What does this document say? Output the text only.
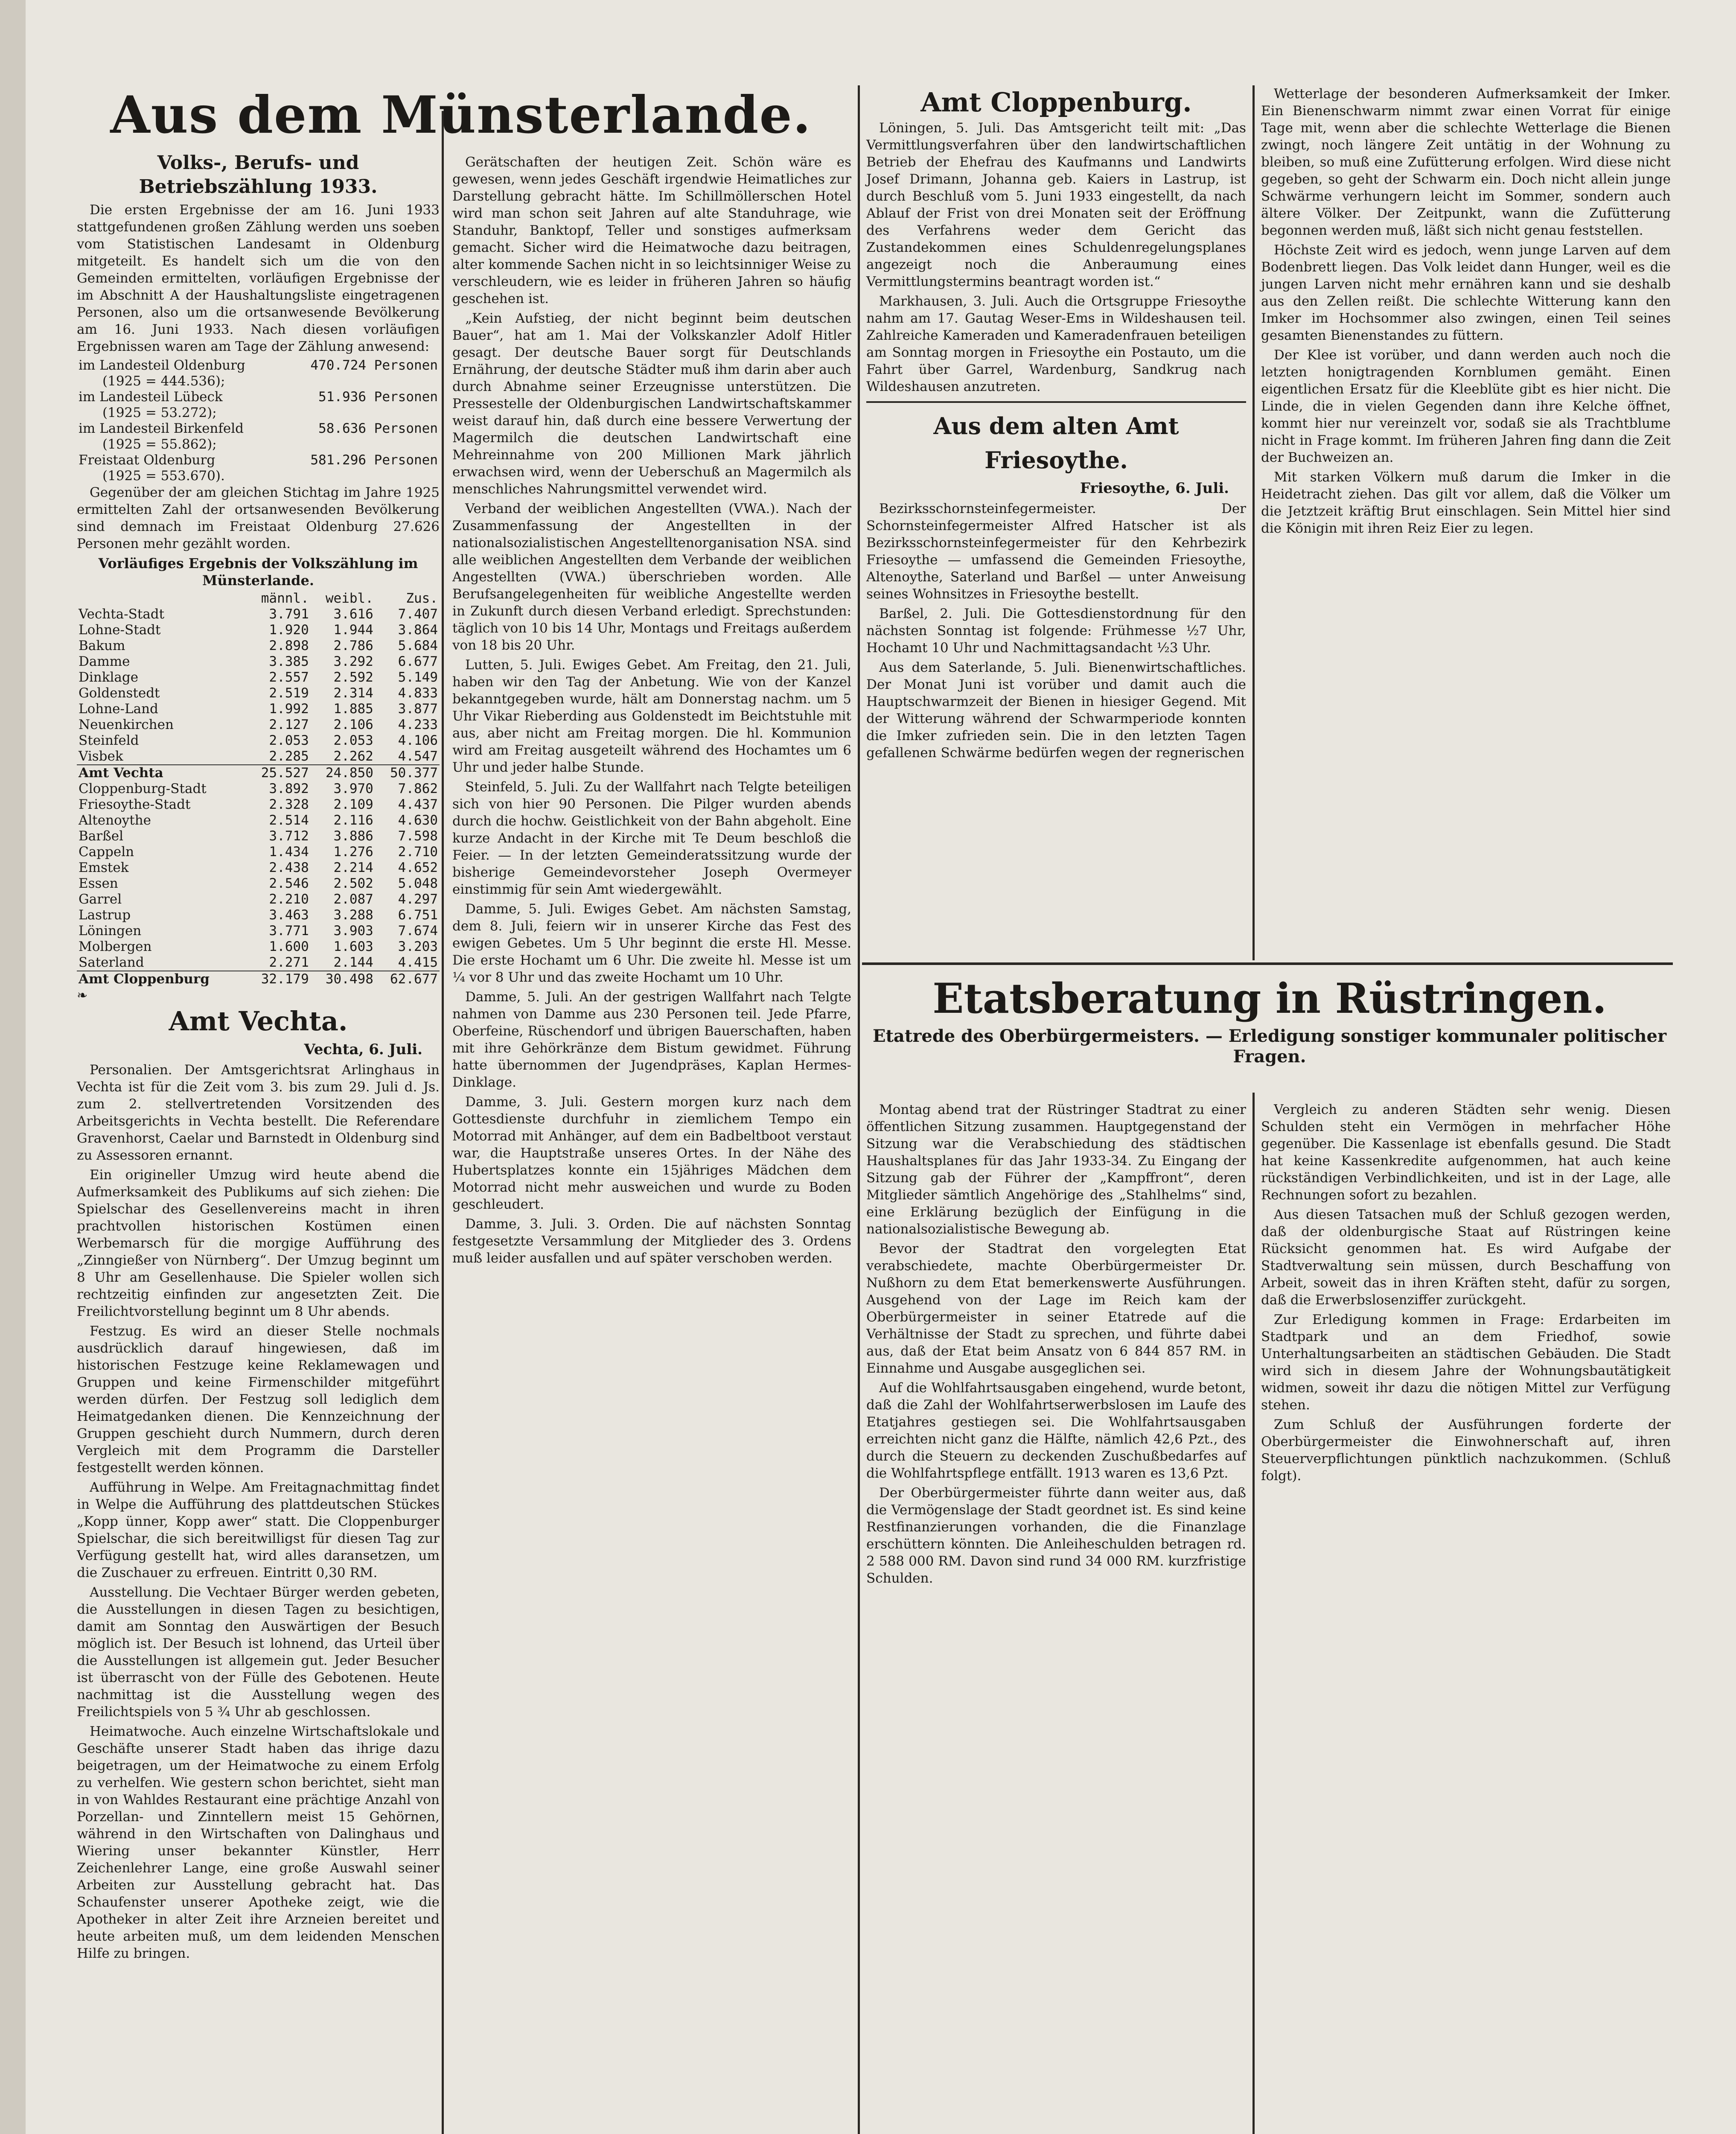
Aus dem Münsterlande.
Volks-, Berufs- und Betriebszählung 1933.

Die ersten Ergebnisse der am 16. Juni 1933 stattgefundenen großen Zählung werden uns soeben vom Statistischen Landesamt in Oldenburg mitgeteilt. Es handelt sich um die von den Gemeinden ermittelten, vorläufigen Ergebnisse der im Abschnitt A der Haushaltungsliste eingetragenen Personen, also um die ortsanwesende Bevölkerung am 16. Juni 1933. Nach diesen vorläufigen Ergebnissen waren am Tage der Zählung anwesend:

im Landesteil Oldenburg	470.724 Personen
(1925 = 444.536);	
im Landesteil Lübeck	51.936 Personen
(1925 = 53.272);	
im Landesteil Birkenfeld	58.636 Personen
(1925 = 55.862);	
Freistaat Oldenburg	581.296 Personen
(1925 = 553.670).	

Gegenüber der am gleichen Stichtag im Jahre 1925 ermittelten Zahl der ortsanwesenden Bevölkerung sind demnach im Freistaat Oldenburg 27.626 Personen mehr gezählt worden.

Vorläufiges Ergebnis der Volkszählung im Münsterlande.
	männl.	weibl.	Zus.
Vechta-Stadt	3.791	3.616	7.407
Lohne-Stadt	1.920	1.944	3.864
Bakum	2.898	2.786	5.684
Damme	3.385	3.292	6.677
Dinklage	2.557	2.592	5.149
Goldenstedt	2.519	2.314	4.833
Lohne-Land	1.992	1.885	3.877
Neuenkirchen	2.127	2.106	4.233
Steinfeld	2.053	2.053	4.106
Visbek	2.285	2.262	4.547
Amt Vechta	25.527	24.850	50.377
Cloppenburg-Stadt	3.892	3.970	7.862
Friesoythe-Stadt	2.328	2.109	4.437
Altenoythe	2.514	2.116	4.630
Barßel	3.712	3.886	7.598
Cappeln	1.434	1.276	2.710
Emstek	2.438	2.214	4.652
Essen	2.546	2.502	5.048
Garrel	2.210	2.087	4.297
Lastrup	3.463	3.288	6.751
Löningen	3.771	3.903	7.674
Molbergen	1.600	1.603	3.203
Saterland	2.271	2.144	4.415
Amt Cloppenburg	32.179	30.498	62.677
❧
Amt Vechta.
Vechta, 6. Juli.

Personalien. Der Amtsgerichtsrat Arlinghaus in Vechta ist für die Zeit vom 3. bis zum 29. Juli d. Js. zum 2. stellvertretenden Vorsitzenden des Arbeitsgerichts in Vechta bestellt. Die Referendare Gravenhorst, Caelar und Barnstedt in Oldenburg sind zu Assessoren ernannt.

Ein origineller Umzug wird heute abend die Aufmerksamkeit des Publikums auf sich ziehen: Die Spielschar des Gesellenvereins macht in ihren prachtvollen historischen Kostümen einen Werbemarsch für die morgige Aufführung des „Zinngießer von Nürnberg“. Der Umzug beginnt um 8 Uhr am Gesellenhause. Die Spieler wollen sich rechtzeitig einfinden zur angesetzten Zeit. Die Freilichtvorstellung beginnt um 8 Uhr abends.

Festzug. Es wird an dieser Stelle nochmals ausdrücklich darauf hingewiesen, daß im historischen Festzuge keine Reklamewagen und Gruppen und keine Firmenschilder mitgeführt werden dürfen. Der Festzug soll lediglich dem Heimatgedanken dienen. Die Kennzeichnung der Gruppen geschieht durch Nummern, durch deren Vergleich mit dem Programm die Darsteller festgestellt werden können.

Aufführung in Welpe. Am Freitagnachmittag findet in Welpe die Aufführung des plattdeutschen Stückes „Kopp ünner, Kopp awer“ statt. Die Cloppenburger Spielschar, die sich bereitwilligst für diesen Tag zur Verfügung gestellt hat, wird alles daransetzen, um die Zuschauer zu erfreuen. Eintritt 0,30 RM.

Ausstellung. Die Vechtaer Bürger werden gebeten, die Ausstellungen in diesen Tagen zu besichtigen, damit am Sonntag den Auswärtigen der Besuch möglich ist. Der Besuch ist lohnend, das Urteil über die Ausstellungen ist allgemein gut. Jeder Besucher ist überrascht von der Fülle des Gebotenen. Heute nachmittag ist die Ausstellung wegen des Freilichtspiels von 5 ¾ Uhr ab geschlossen.

Heimatwoche. Auch einzelne Wirtschaftslokale und Geschäfte unserer Stadt haben das ihrige dazu beigetragen, um der Heimatwoche zu einem Erfolg zu verhelfen. Wie gestern schon berichtet, sieht man in von Wahldes Restaurant eine prächtige Anzahl von Porzellan- und Zinntellern meist 15 Gehörnen, während in den Wirtschaften von Dalinghaus und Wiering unser bekannter Künstler, Herr Zeichenlehrer Lange, eine große Auswahl seiner Arbeiten zur Ausstellung gebracht hat. Das Schaufenster unserer Apotheke zeigt, wie die Apotheker in alter Zeit ihre Arzneien bereitet und heute arbeiten muß, um dem leidenden Menschen Hilfe zu bringen.

Gerätschaften der heutigen Zeit. Schön wäre es gewesen, wenn jedes Geschäft irgendwie Heimatliches zur Darstellung gebracht hätte. Im Schillmöllerschen Hotel wird man schon seit Jahren auf alte Standuhrage, wie Standuhr, Banktopf, Teller und sonstiges aufmerksam gemacht. Sicher wird die Heimatwoche dazu beitragen, alter kommende Sachen nicht in so leichtsinniger Weise zu verschleudern, wie es leider in früheren Jahren so häufig geschehen ist.

„Kein Aufstieg, der nicht beginnt beim deutschen Bauer“, hat am 1. Mai der Volkskanzler Adolf Hitler gesagt. Der deutsche Bauer sorgt für Deutschlands Ernährung, der deutsche Städter muß ihm darin aber auch durch Abnahme seiner Erzeugnisse unterstützen. Die Pressestelle der Oldenburgischen Landwirtschaftskammer weist darauf hin, daß durch eine bessere Verwertung der Magermilch die deutschen Landwirtschaft eine Mehreinnahme von 200 Millionen Mark jährlich erwachsen wird, wenn der Ueberschuß an Magermilch als menschliches Nahrungsmittel verwendet wird.

Verband der weiblichen Angestellten (VWA.). Nach der Zusammenfassung der Angestellten in der nationalsozialistischen Angestelltenorganisation NSA. sind alle weiblichen Angestellten dem Verbande der weiblichen Angestellten (VWA.) überschrieben worden. Alle Berufsangelegenheiten für weibliche Angestellte werden in Zukunft durch diesen Verband erledigt. Sprechstunden: täglich von 10 bis 14 Uhr, Montags und Freitags außerdem von 18 bis 20 Uhr.

Lutten, 5. Juli. Ewiges Gebet. Am Freitag, den 21. Juli, haben wir den Tag der Anbetung. Wie von der Kanzel bekanntgegeben wurde, hält am Donnerstag nachm. um 5 Uhr Vikar Rieberding aus Goldenstedt im Beichtstuhle mit aus, aber nicht am Freitag morgen. Die hl. Kommunion wird am Freitag ausgeteilt während des Hochamtes um 6 Uhr und jeder halbe Stunde.

Steinfeld, 5. Juli. Zu der Wallfahrt nach Telgte beteiligen sich von hier 90 Personen. Die Pilger wurden abends durch die hochw. Geistlichkeit von der Bahn abgeholt. Eine kurze Andacht in der Kirche mit Te Deum beschloß die Feier. — In der letzten Gemeinderatssitzung wurde der bisherige Gemeindevorsteher Joseph Overmeyer einstimmig für sein Amt wiedergewählt.

Damme, 5. Juli. Ewiges Gebet. Am nächsten Samstag, dem 8. Juli, feiern wir in unserer Kirche das Fest des ewigen Gebetes. Um 5 Uhr beginnt die erste Hl. Messe. Die erste Hochamt um 6 Uhr. Die zweite hl. Messe ist um ¼ vor 8 Uhr und das zweite Hochamt um 10 Uhr.

Damme, 5. Juli. An der gestrigen Wallfahrt nach Telgte nahmen von Damme aus 230 Personen teil. Jede Pfarre, Oberfeine, Rüschendorf und übrigen Bauerschaften, haben mit ihre Gehörkränze dem Bistum gewidmet. Führung hatte übernommen der Jugendpräses, Kaplan Hermes-Dinklage.

Damme, 3. Juli. Gestern morgen kurz nach dem Gottesdienste durchfuhr in ziemlichem Tempo ein Motorrad mit Anhänger, auf dem ein Badbeltboot verstaut war, die Hauptstraße unseres Ortes. In der Nähe des Hubertsplatzes konnte ein 15jähriges Mädchen dem Motorrad nicht mehr ausweichen und wurde zu Boden geschleudert.

Damme, 3. Juli. 3. Orden. Die auf nächsten Sonntag festgesetzte Versammlung der Mitglieder des 3. Ordens muß leider ausfallen und auf später verschoben werden.

Amt Cloppenburg.

Löningen, 5. Juli. Das Amtsgericht teilt mit: „Das Vermittlungsverfahren über den landwirtschaftlichen Betrieb der Ehefrau des Kaufmanns und Landwirts Josef Drimann, Johanna geb. Kaiers in Lastrup, ist durch Beschluß vom 5. Juni 1933 eingestellt, da nach Ablauf der Frist von drei Monaten seit der Eröffnung des Verfahrens weder dem Gericht das Zustandekommen eines Schuldenregelungsplanes angezeigt noch die Anberaumung eines Vermittlungstermins beantragt worden ist.“

Markhausen, 3. Juli. Auch die Ortsgruppe Friesoythe nahm am 17. Gautag Weser-Ems in Wildeshausen teil. Zahlreiche Kameraden und Kameradenfrauen beteiligen am Sonntag morgen in Friesoythe ein Postauto, um die Fahrt über Garrel, Wardenburg, Sandkrug nach Wildeshausen anzutreten.

Aus dem alten Amt Friesoythe.
Friesoythe, 6. Juli.

Bezirksschornsteinfegermeister. Der Schornsteinfegermeister Alfred Hatscher ist als Bezirksschornsteinfegermeister für den Kehrbezirk Friesoythe — umfassend die Gemeinden Friesoythe, Altenoythe, Saterland und Barßel — unter Anweisung seines Wohnsitzes in Friesoythe bestellt.

Barßel, 2. Juli. Die Gottesdienstordnung für den nächsten Sonntag ist folgende: Frühmesse ½7 Uhr, Hochamt 10 Uhr und Nachmittagsandacht ½3 Uhr.

Aus dem Saterlande, 5. Juli. Bienenwirtschaftliches. Der Monat Juni ist vorüber und damit auch die Hauptschwarmzeit der Bienen in hiesiger Gegend. Mit der Witterung während der Schwarmperiode konnten die Imker zufrieden sein. Die in den letzten Tagen gefallenen Schwärme bedürfen wegen der regnerischen

Wetterlage der besonderen Aufmerksamkeit der Imker. Ein Bienenschwarm nimmt zwar einen Vorrat für einige Tage mit, wenn aber die schlechte Wetterlage die Bienen zwingt, noch längere Zeit untätig in der Wohnung zu bleiben, so muß eine Zufütterung erfolgen. Wird diese nicht gegeben, so geht der Schwarm ein. Doch nicht allein junge Schwärme verhungern leicht im Sommer, sondern auch ältere Völker. Der Zeitpunkt, wann die Zufütterung begonnen werden muß, läßt sich nicht genau feststellen.

Höchste Zeit wird es jedoch, wenn junge Larven auf dem Bodenbrett liegen. Das Volk leidet dann Hunger, weil es die jungen Larven nicht mehr ernähren kann und sie deshalb aus den Zellen reißt. Die schlechte Witterung kann den Imker im Hochsommer also zwingen, einen Teil seines gesamten Bienenstandes zu füttern.

Der Klee ist vorüber, und dann werden auch noch die letzten honigtragenden Kornblumen gemäht. Einen eigentlichen Ersatz für die Kleeblüte gibt es hier nicht. Die Linde, die in vielen Gegenden dann ihre Kelche öffnet, kommt hier nur vereinzelt vor, sodaß sie als Trachtblume nicht in Frage kommt. Im früheren Jahren fing dann die Zeit der Buchweizen an.

Mit starken Völkern muß darum die Imker in die Heidetracht ziehen. Das gilt vor allem, daß die Völker um die Jetztzeit kräftig Brut einschlagen. Sein Mittel hier sind die Königin mit ihren Reiz Eier zu legen.

Etatsberatung in Rüstringen.
Etatrede des Oberbürgermeisters. — Erledigung sonstiger kommunaler politischer Fragen.

Montag abend trat der Rüstringer Stadtrat zu einer öffentlichen Sitzung zusammen. Hauptgegenstand der Sitzung war die Verabschiedung des städtischen Haushaltsplanes für das Jahr 1933-34. Zu Eingang der Sitzung gab der Führer der „Kampffront“, deren Mitglieder sämtlich Angehörige des „Stahlhelms“ sind, eine Erklärung bezüglich der Einfügung in die nationalsozialistische Bewegung ab.

Bevor der Stadtrat den vorgelegten Etat verabschiedete, machte Oberbürgermeister Dr. Nußhorn zu dem Etat bemerkenswerte Ausführungen. Ausgehend von der Lage im Reich kam der Oberbürgermeister in seiner Etatrede auf die Verhältnisse der Stadt zu sprechen, und führte dabei aus, daß der Etat beim Ansatz von 6 844 857 RM. in Einnahme und Ausgabe ausgeglichen sei.

Auf die Wohlfahrtsausgaben eingehend, wurde betont, daß die Zahl der Wohlfahrtserwerbslosen im Laufe des Etatjahres gestiegen sei. Die Wohlfahrtsausgaben erreichten nicht ganz die Hälfte, nämlich 42,6 Pzt., des durch die Steuern zu deckenden Zuschußbedarfes auf die Wohlfahrtspflege entfällt. 1913 waren es 13,6 Pzt.

Der Oberbürgermeister führte dann weiter aus, daß die Vermögenslage der Stadt geordnet ist. Es sind keine Restfinanzierungen vorhanden, die die Finanzlage erschüttern könnten. Die Anleiheschulden betragen rd. 2 588 000 RM. Davon sind rund 34 000 RM. kurzfristige Schulden.

Vergleich zu anderen Städten sehr wenig. Diesen Schulden steht ein Vermögen in mehrfacher Höhe gegenüber. Die Kassenlage ist ebenfalls gesund. Die Stadt hat keine Kassenkredite aufgenommen, hat auch keine rückständigen Verbindlichkeiten, und ist in der Lage, alle Rechnungen sofort zu bezahlen.

Aus diesen Tatsachen muß der Schluß gezogen werden, daß der oldenburgische Staat auf Rüstringen keine Rücksicht genommen hat. Es wird Aufgabe der Stadtverwaltung sein müssen, durch Beschaffung von Arbeit, soweit das in ihren Kräften steht, dafür zu sorgen, daß die Erwerbslosenziffer zurückgeht.

Zur Erledigung kommen in Frage: Erdarbeiten im Stadtpark und an dem Friedhof, sowie Unterhaltungsarbeiten an städtischen Gebäuden. Die Stadt wird sich in diesem Jahre der Wohnungsbautätigkeit widmen, soweit ihr dazu die nötigen Mittel zur Verfügung stehen.

Zum Schluß der Ausführungen forderte der Oberbürgermeister die Einwohnerschaft auf, ihren Steuerverpflichtungen pünktlich nachzukommen. (Schluß folgt).
